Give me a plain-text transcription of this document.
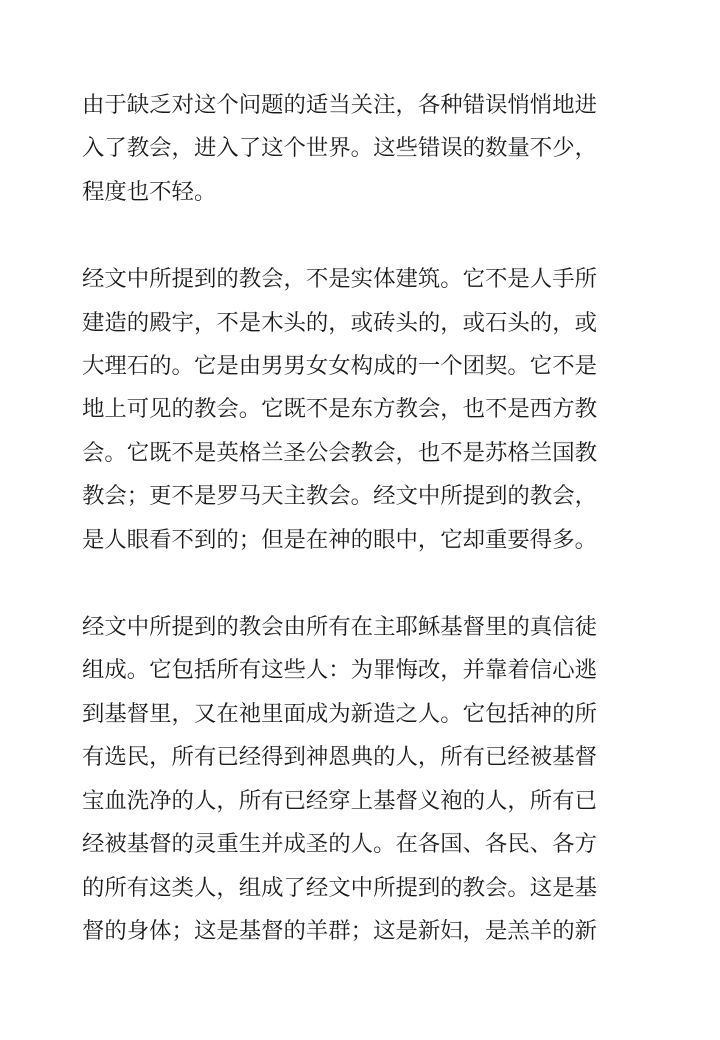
由于缺乏对这个问题的适当关注，各种错误悄悄地进
入了教会，进入了这个世界。这些错误的数量不少，
程度也不轻。

经文中所提到的教会，不是实体建筑。它不是人手所
建造的殿宇，不是木头的，或砖头的，或石头的，或
大理石的。它是由男男女女构成的一个团契。它不是
地上可见的教会。它既不是东方教会，也不是西方教
会。它既不是英格兰圣公会教会，也不是苏格兰国教
教会；更不是罗马天主教会。经文中所提到的教会，
是人眼看不到的；但是在神的眼中，它却重要得多。

经文中所提到的教会由所有在主耶稣基督里的真信徒
组成。它包括所有这些人：为罪悔改，并靠着信心逃
到基督里，又在祂里面成为新造之人。它包括神的所
有选民，所有已经得到神恩典的人，所有已经被基督
宝血洗净的人，所有已经穿上基督义袍的人，所有已
经被基督的灵重生并成圣的人。在各国、各民、各方
的所有这类人，组成了经文中所提到的教会。这是基
督的身体；这是基督的羊群；这是新妇，是羔羊的新
